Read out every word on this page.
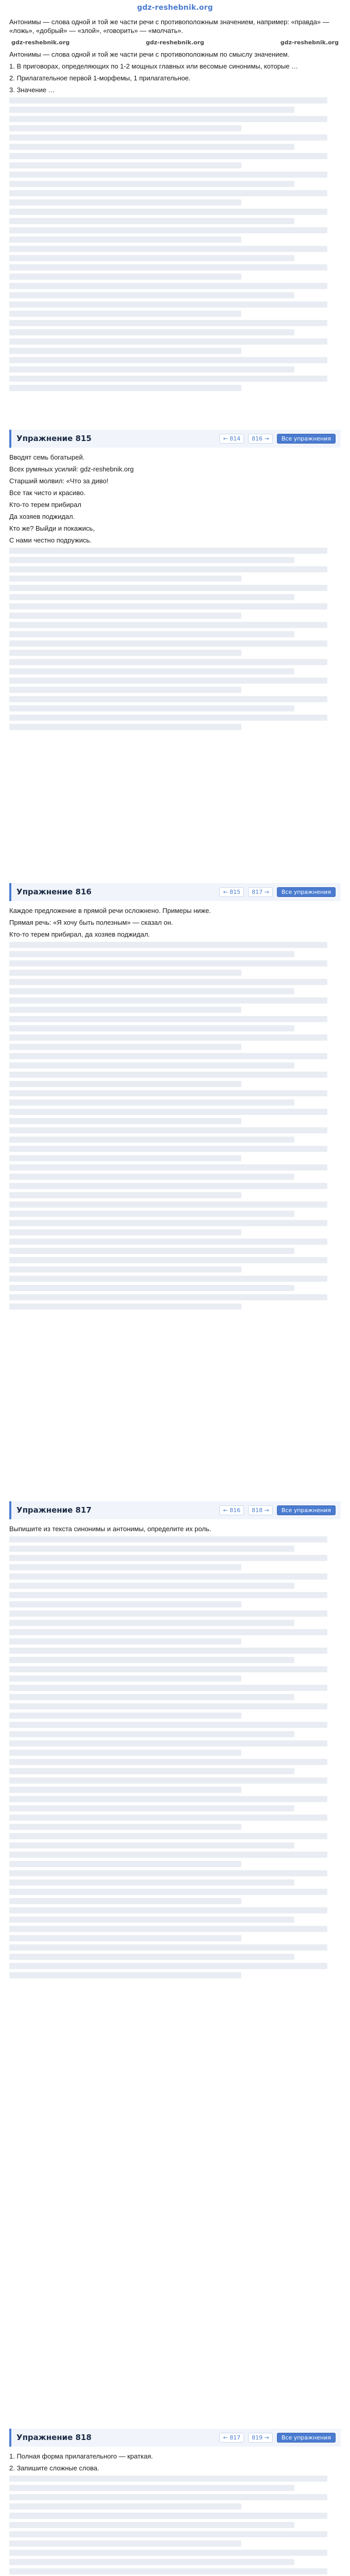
gdz-reshebnik.org

Антонимы — слова одной и той же части речи с противоположным значением, например: «правда» — «ложь», «добрый» — «злой», «говорить» — «молчать».

gdz-reshebnik.org	gdz-reshebnik.org	gdz-reshebnik.org

Антонимы — слова одной и той же части речи с противоположным по смыслу значением.

1. В приговорах, определяющих по 1-2 мощных главных или весомые синонимы, которые …

2. Прилагательное первой 1-морфемы, 1 прилагательное.

3. Значение …

Упражнение 815	← 814	816 →	Все упражнения

Вводят семь богатырей.

Всех румяных усилий: gdz-reshebnik.org

Старший молвил: «Что за диво!

Все так чисто и красиво.

Кто-то терем прибирал

Да хозяев поджидал.

Кто же? Выйди и покажись,

С нами честно подружись.

Упражнение 816	← 815	817 →	Все упражнения

Каждое предложение в прямой речи осложнено. Примеры ниже.

Прямая речь: «Я хочу быть полезным» — сказал он.

Кто-то терем прибирал, да хозяев поджидал.

Упражнение 817	← 816	818 →	Все упражнения

Выпишите из текста синонимы и антонимы, определите их роль.

Упражнение 818	← 817	819 →	Все упражнения

1. Полная форма прилагательного — краткая.

2. Запишите сложные слова.
